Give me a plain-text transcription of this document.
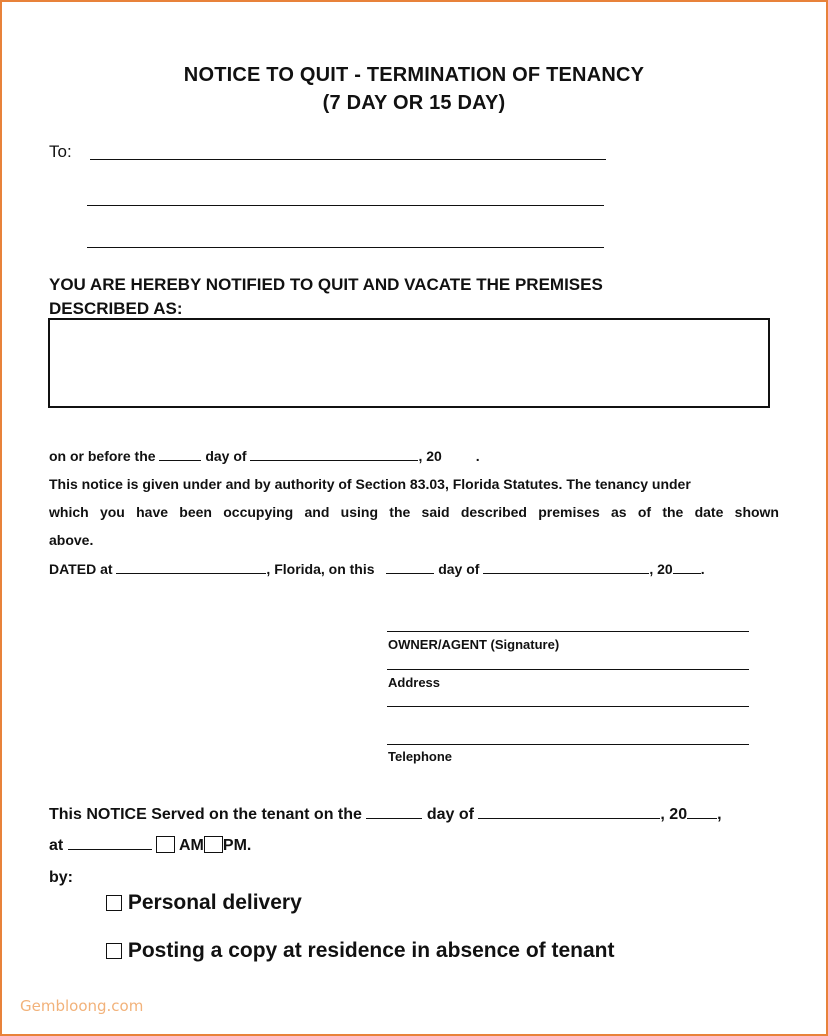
NOTICE TO QUIT - TERMINATION OF TENANCY
(7 DAY OR 15 DAY)
To:
YOU ARE HEREBY NOTIFIED TO QUIT AND VACATE THE PREMISES
DESCRIBED AS:
on or before the	day of	, 20 .
This notice is given under and by authority of Section 83.03, Florida Statutes. The tenancy under
which you have been occupying and using the said described premises as of the date shown
above.
DATED at	, Florida, on this	day of	, 20 .
OWNER/AGENT (Signature)
Address
Telephone
This NOTICE Served on the tenant on the	day of	, 20 ,
at	AM PM.
by:
Personal delivery
Posting a copy at residence in absence of tenant
Gembloong.com
